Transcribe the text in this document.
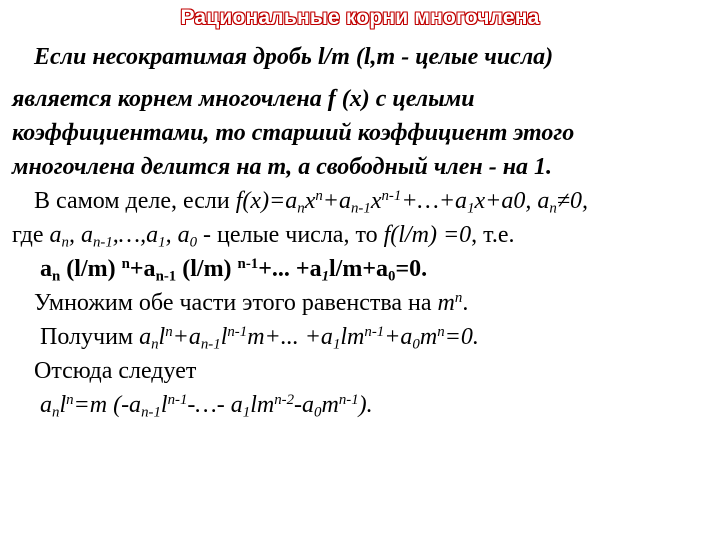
Рациональные корни многочлена
Если несократимая дробь l/m (l,m - целые числа)
является корнем многочлена f (x) с целыми
коэффициентами, то старший коэффициент этого
многочлена делится на m, а свободный член - на 1.
В самом деле, если $f(x)=a_nx^n+a_{n-1}x^{n-1}+\dots+a_1x+a0$, $a_n\ne 0$,
где $a_n$, $a_{n-1},\dots,a_1$, $a_0$ - целые числа, то f(l/m) =0, т.е.
$a_n$ (l/m) $^n+a_{n-1}$ (l/m) $^{n-1}$+... $+a_1l/m+a_0=0$.
Умножим обе части этого равенства на $m^n$.
Получим $a_nl^n+a_{n-1}l^{n-1}m+$... $+a_1lm^{n-1}+a_0m^n=0$.
Отсюда следует
$a_nl^n=m$ ($-a_{n-1}l^{n-1}-\dots-$ $a_1lm^{n-2}-a_0m^{n-1}$).
